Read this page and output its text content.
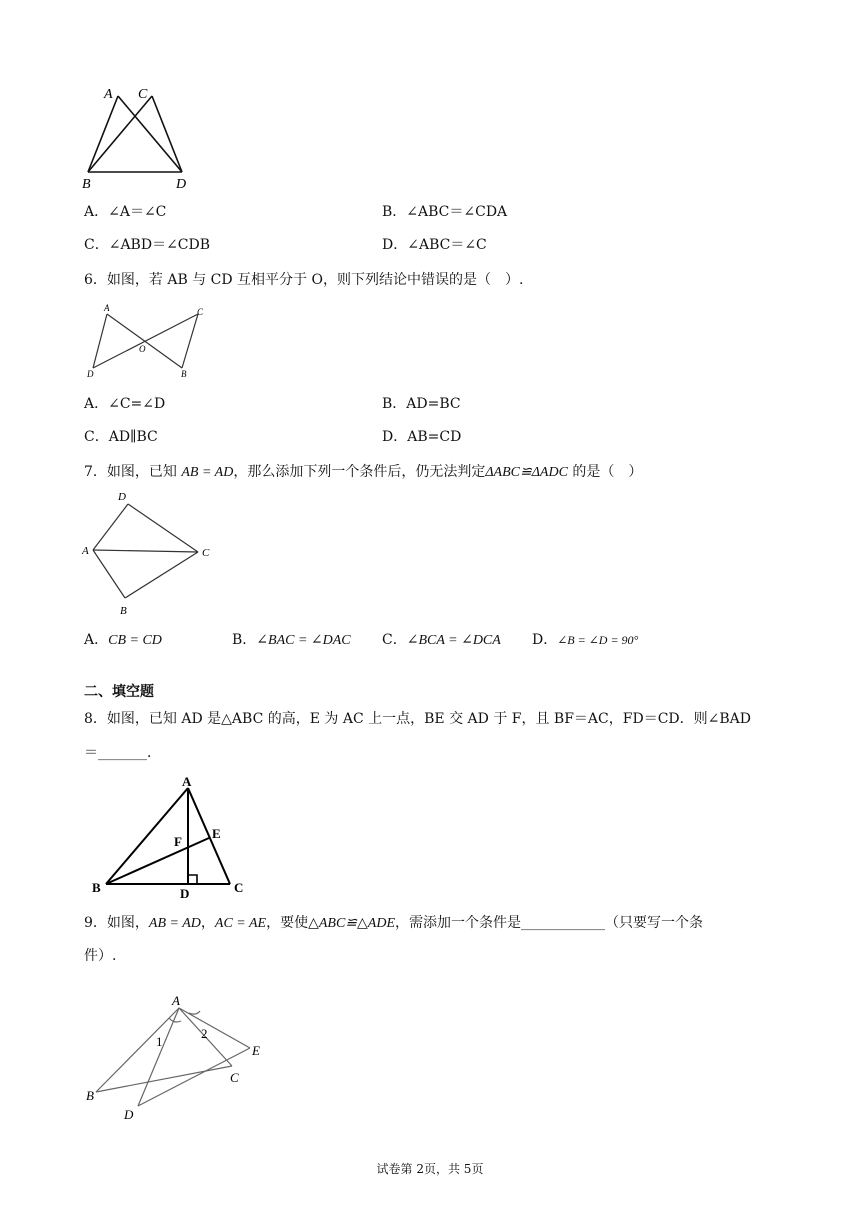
A C
B	D
A．∠A＝∠C	B．∠ABC＝∠CDA
C．∠ABD＝∠CDB	D．∠ABC＝∠C
6．如图，若 AB 与 CD 互相平分于 O，则下列结论中错误的是（　）.
A	C
O
D	B
A．∠C=∠D	B．AD=BC
C．AD∥BC	D．AB=CD
7．如图，已知 AB = AD，那么添加下列一个条件后，仍无法判定ΔABC≌ΔADC 的是（　）
D
A	C
B
A．CB = CD	B．∠BAC = ∠DAC C．∠BCA = ∠DCA D．∠B = ∠D = 90°
二、填空题
8．如图，已知 AD 是△ABC 的高，E 为 AC 上一点，BE 交 AD 于 F，且 BF＝AC，FD＝CD．则∠BAD
＝_______．
A
E
F
B	D	C
9．如图，AB = AD，AC = AE，要使△ABC≌△ADE，需添加一个条件是____________（只要写一个条
件）.
A
E
C
B
D
1
2
试卷第 2页，共 5页
